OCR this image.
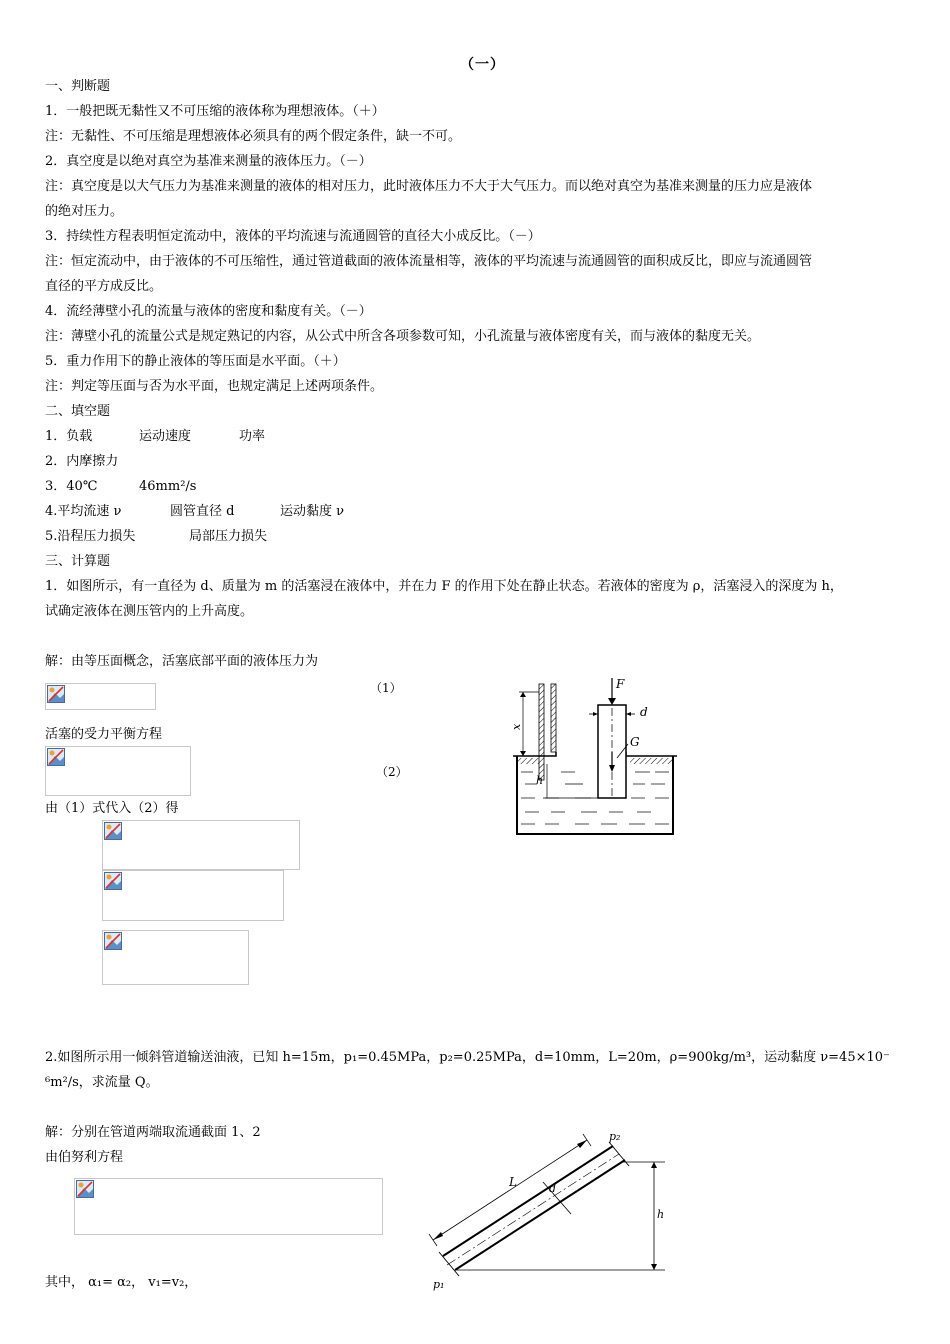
（一）
一、判断题
1．一般把既无黏性又不可压缩的液体称为理想液体。（＋）
注：无黏性、不可压缩是理想液体必须具有的两个假定条件，缺一不可。
2．真空度是以绝对真空为基准来测量的液体压力。（－）
注：真空度是以大气压力为基准来测量的液体的相对压力，此时液体压力不大于大气压力。而以绝对真空为基准来测量的压力应是液体
的绝对压力。
3．持续性方程表明恒定流动中，液体的平均流速与流通圆管的直径大小成反比。（－）
注：恒定流动中，由于液体的不可压缩性，通过管道截面的液体流量相等，液体的平均流速与流通圆管的面积成反比，即应与流通圆管
直径的平方成反比。
4．流经薄壁小孔的流量与液体的密度和黏度有关。（－）
注：薄壁小孔的流量公式是规定熟记的内容，从公式中所含各项参数可知，小孔流量与液体密度有关，而与液体的黏度无关。
5．重力作用下的静止液体的等压面是水平面。（＋）
注：判定等压面与否为水平面，也规定满足上述两项条件。
二、填空题
1．负载	运动速度	功率
2．内摩擦力
3．40℃	46mm²/s
4.平均流速 ν	圆管直径 d	运动黏度 ν
5.沿程压力损失	局部压力损失
三、计算题
1．如图所示，有一直径为 d、质量为 m 的活塞浸在液体中，并在力 F 的作用下处在静止状态。若液体的密度为 ρ，活塞浸入的深度为 h，
试确定液体在测压管内的上升高度。
解：由等压面概念，活塞底部平面的液体压力为
（1）
活塞的受力平衡方程
（2）
由（1）式代入（2）得
F
d
G
x
h
2.如图所示用一倾斜管道输送油液，已知 h=15m，p₁=0.45MPa，p₂=0.25MPa，d=10mm，L=20m，ρ=900kg/m³，运动黏度 ν=45×10⁻
⁶m²/s，求流量 Q。
解：分别在管道两端取流通截面 1、2
由伯努利方程
其中， α₁= α₂， v₁=v₂，
L	d
h
p₁
p₂
